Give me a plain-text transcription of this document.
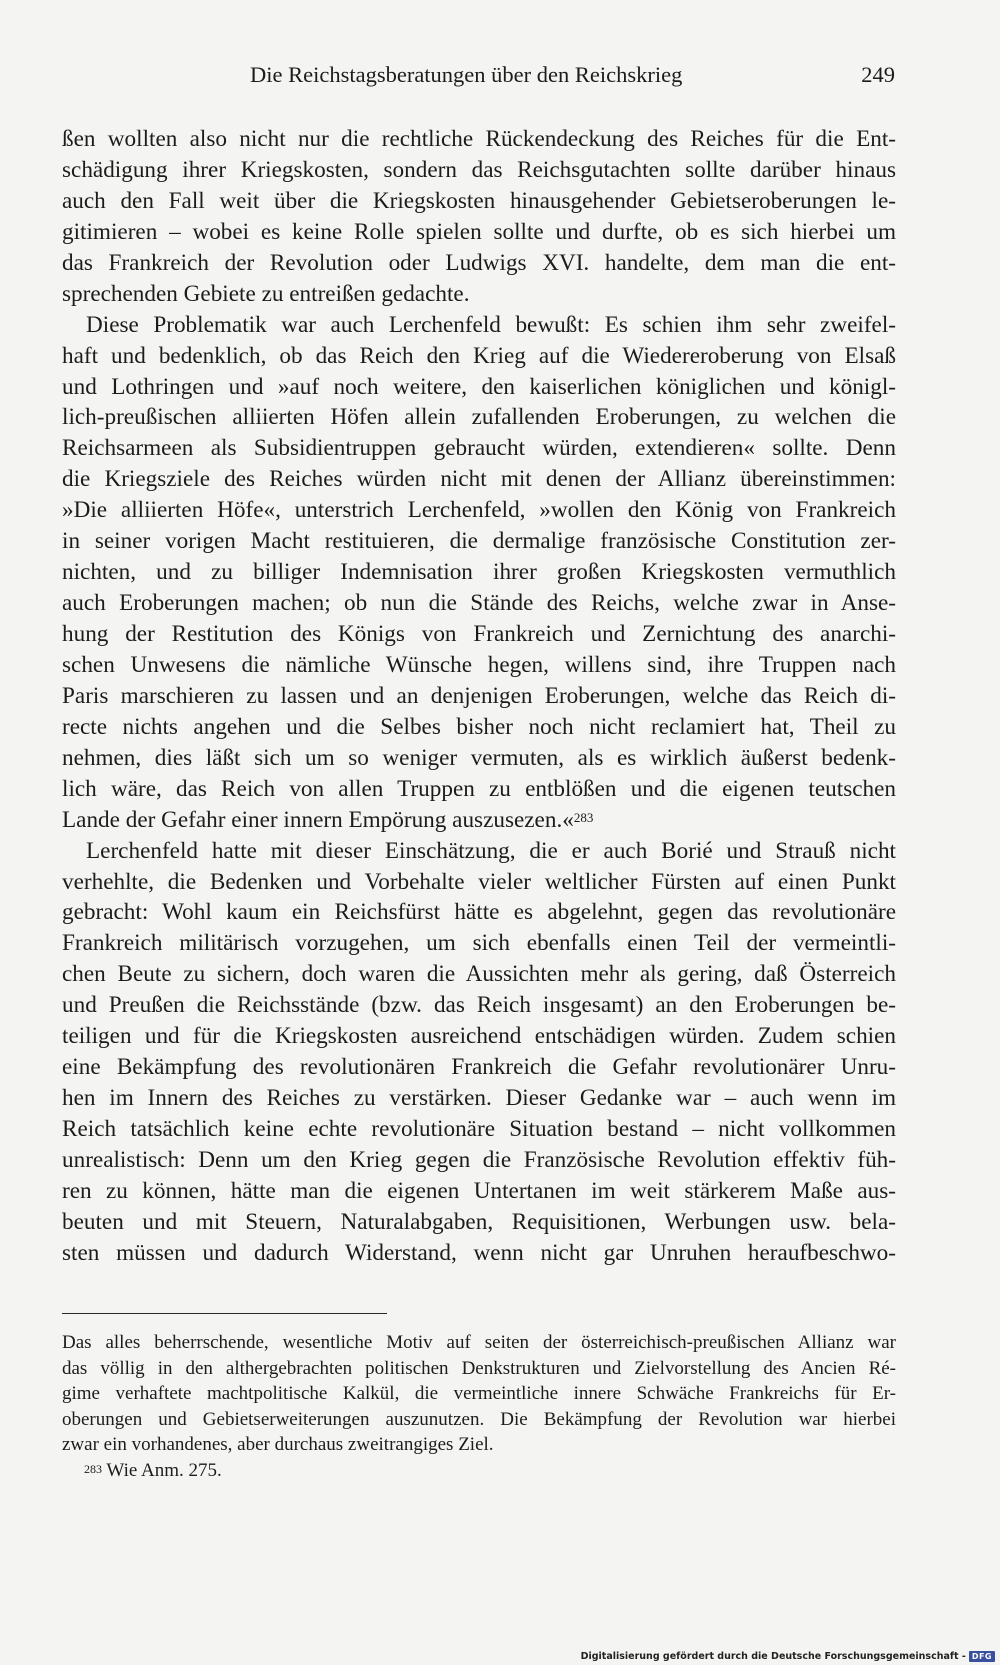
Die Reichstagsberatungen über den Reichskrieg	249
ßen wollten also nicht nur die rechtliche Rückendeckung des Reiches für die Ent-
schädigung ihrer Kriegskosten, sondern das Reichsgutachten sollte darüber hinaus
auch den Fall weit über die Kriegskosten hinausgehender Gebietseroberungen le-
gitimieren – wobei es keine Rolle spielen sollte und durfte, ob es sich hierbei um
das Frankreich der Revolution oder Ludwigs XVI. handelte, dem man die ent-
sprechenden Gebiete zu entreißen gedachte.
Diese Problematik war auch Lerchenfeld bewußt: Es schien ihm sehr zweifel-
haft und bedenklich, ob das Reich den Krieg auf die Wiedereroberung von Elsaß
und Lothringen und »auf noch weitere, den kaiserlichen königlichen und königl-
lich-preußischen alliierten Höfen allein zufallenden Eroberungen, zu welchen die
Reichsarmeen als Subsidientruppen gebraucht würden, extendieren« sollte. Denn
die Kriegsziele des Reiches würden nicht mit denen der Allianz übereinstimmen:
»Die alliierten Höfe«, unterstrich Lerchenfeld, »wollen den König von Frankreich
in seiner vorigen Macht restituieren, die dermalige französische Constitution zer-
nichten, und zu billiger Indemnisation ihrer großen Kriegskosten vermuthlich
auch Eroberungen machen; ob nun die Stände des Reichs, welche zwar in Anse-
hung der Restitution des Königs von Frankreich und Zernichtung des anarchi-
schen Unwesens die nämliche Wünsche hegen, willens sind, ihre Truppen nach
Paris marschieren zu lassen und an denjenigen Eroberungen, welche das Reich di-
recte nichts angehen und die Selbes bisher noch nicht reclamiert hat, Theil zu
nehmen, dies läßt sich um so weniger vermuten, als es wirklich äußerst bedenk-
lich wäre, das Reich von allen Truppen zu entblößen und die eigenen teutschen
Lande der Gefahr einer innern Empörung auszusezen.«$^{283}$
Lerchenfeld hatte mit dieser Einschätzung, die er auch Borié und Strauß nicht
verhehlte, die Bedenken und Vorbehalte vieler weltlicher Fürsten auf einen Punkt
gebracht: Wohl kaum ein Reichsfürst hätte es abgelehnt, gegen das revolutionäre
Frankreich militärisch vorzugehen, um sich ebenfalls einen Teil der vermeintli-
chen Beute zu sichern, doch waren die Aussichten mehr als gering, daß Österreich
und Preußen die Reichsstände (bzw. das Reich insgesamt) an den Eroberungen be-
teiligen und für die Kriegskosten ausreichend entschädigen würden. Zudem schien
eine Bekämpfung des revolutionären Frankreich die Gefahr revolutionärer Unru-
hen im Innern des Reiches zu verstärken. Dieser Gedanke war – auch wenn im
Reich tatsächlich keine echte revolutionäre Situation bestand – nicht vollkommen
unrealistisch: Denn um den Krieg gegen die Französische Revolution effektiv füh-
ren zu können, hätte man die eigenen Untertanen im weit stärkerem Maße aus-
beuten und mit Steuern, Naturalabgaben, Requisitionen, Werbungen usw. bela-
sten müssen und dadurch Widerstand, wenn nicht gar Unruhen heraufbeschwo-
Das alles beherrschende, wesentliche Motiv auf seiten der österreichisch-preußischen Allianz war
das völlig in den althergebrachten politischen Denkstrukturen und Zielvorstellung des Ancien Ré-
gime verhaftete machtpolitische Kalkül, die vermeintliche innere Schwäche Frankreichs für Er-
oberungen und Gebietserweiterungen auszunutzen. Die Bekämpfung der Revolution war hierbei
zwar ein vorhandenes, aber durchaus zweitrangiges Ziel.
$^{283}$ Wie Anm. 275.
Digitalisierung gefördert durch die Deutsche Forschungsgemeinschaft - DFG
